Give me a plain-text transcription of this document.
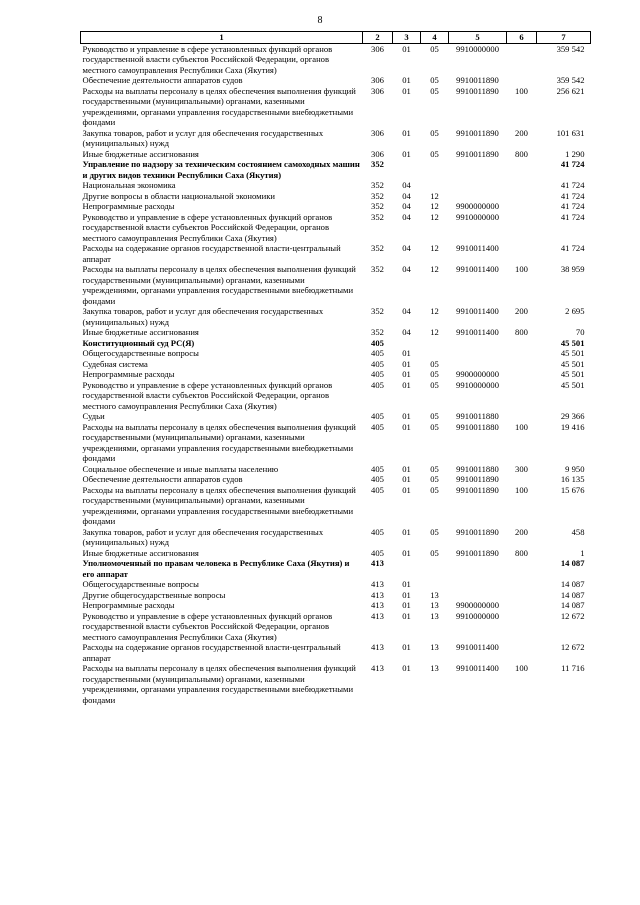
8
1	2	3	4	5	6	7
Руководство и управление в сфере установленных функций органов государственной власти субъектов Российской Федерации, органов местного самоуправления Республики Саха (Якутия)	306	01	05	9910000000		359 542
Обеспечение деятельности аппаратов судов	306	01	05	9910011890		359 542
Расходы на выплаты персоналу в целях обеспечения выполнения функций государственными (муниципальными) органами, казенными учреждениями, органами управления государственными внебюджетными фондами	306	01	05	9910011890	100	256 621
Закупка товаров, работ и услуг для обеспечения государственных (муниципальных) нужд	306	01	05	9910011890	200	101 631
Иные бюджетные ассигнования	306	01	05	9910011890	800	1 290
Управление по надзору за техническим состоянием самоходных машин и других видов техники Республики Саха (Якутия)	352					41 724
Национальная экономика	352	04				41 724
Другие вопросы в области национальной экономики	352	04	12			41 724
Непрограммные расходы	352	04	12	9900000000		41 724
Руководство и управление в сфере установленных функций органов государственной власти субъектов Российской Федерации, органов местного самоуправления Республики Саха (Якутия)	352	04	12	9910000000		41 724
Расходы на содержание органов государственной власти-центральный аппарат	352	04	12	9910011400		41 724
Расходы на выплаты персоналу в целях обеспечения выполнения функций государственными (муниципальными) органами, казенными учреждениями, органами управления государственными внебюджетными фондами	352	04	12	9910011400	100	38 959
Закупка товаров, работ и услуг для обеспечения государственных (муниципальных) нужд	352	04	12	9910011400	200	2 695
Иные бюджетные ассигнования	352	04	12	9910011400	800	70
Конституционный суд РС(Я)	405					45 501
Общегосударственные вопросы	405	01				45 501
Судебная система	405	01	05			45 501
Непрограммные расходы	405	01	05	9900000000		45 501
Руководство и управление в сфере установленных функций органов государственной власти субъектов Российской Федерации, органов местного самоуправления Республики Саха (Якутия)	405	01	05	9910000000		45 501
Судьи	405	01	05	9910011880		29 366
Расходы на выплаты персоналу в целях обеспечения выполнения функций государственными (муниципальными) органами, казенными учреждениями, органами управления государственными внебюджетными фондами	405	01	05	9910011880	100	19 416
Социальное обеспечение и иные выплаты населению	405	01	05	9910011880	300	9 950
Обеспечение деятельности аппаратов судов	405	01	05	9910011890		16 135
Расходы на выплаты персоналу в целях обеспечения выполнения функций государственными (муниципальными) органами, казенными учреждениями, органами управления государственными внебюджетными фондами	405	01	05	9910011890	100	15 676
Закупка товаров, работ и услуг для обеспечения государственных (муниципальных) нужд	405	01	05	9910011890	200	458
Иные бюджетные ассигнования	405	01	05	9910011890	800	1
Уполномоченный по правам человека в Республике Саха (Якутия) и его аппарат	413					14 087
Общегосударственные вопросы	413	01				14 087
Другие общегосударственные вопросы	413	01	13			14 087
Непрограммные расходы	413	01	13	9900000000		14 087
Руководство и управление в сфере установленных функций органов государственной власти субъектов Российской Федерации, органов местного самоуправления Республики Саха (Якутия)	413	01	13	9910000000		12 672
Расходы на содержание органов государственной власти-центральный аппарат	413	01	13	9910011400		12 672
Расходы на выплаты персоналу в целях обеспечения выполнения функций государственными (муниципальными) органами, казенными учреждениями, органами управления государственными внебюджетными фондами	413	01	13	9910011400	100	11 716
